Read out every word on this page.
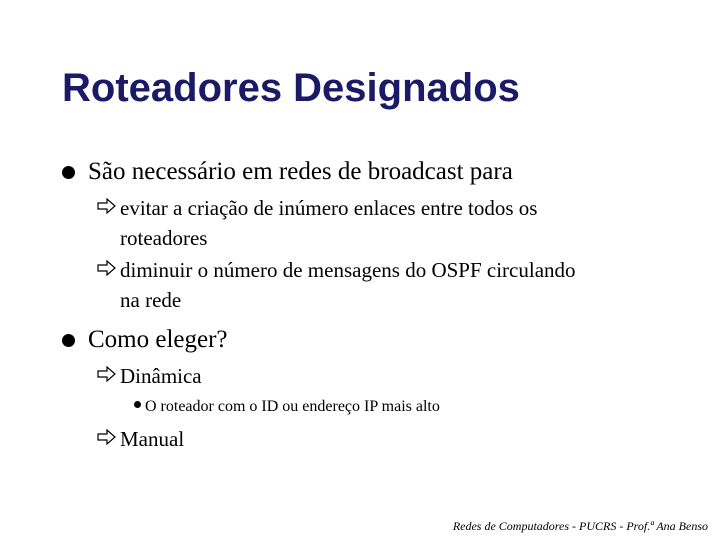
Roteadores Designados
São necessário em redes de broadcast para
evitar a criação de inúmero enlaces entre todos os
roteadores
diminuir o número de mensagens do OSPF circulando
na rede
Como eleger?
Dinâmica
O roteador com o ID ou endereço IP mais alto
Manual
Redes de Computadores - PUCRS - Prof.ª Ana Benso
